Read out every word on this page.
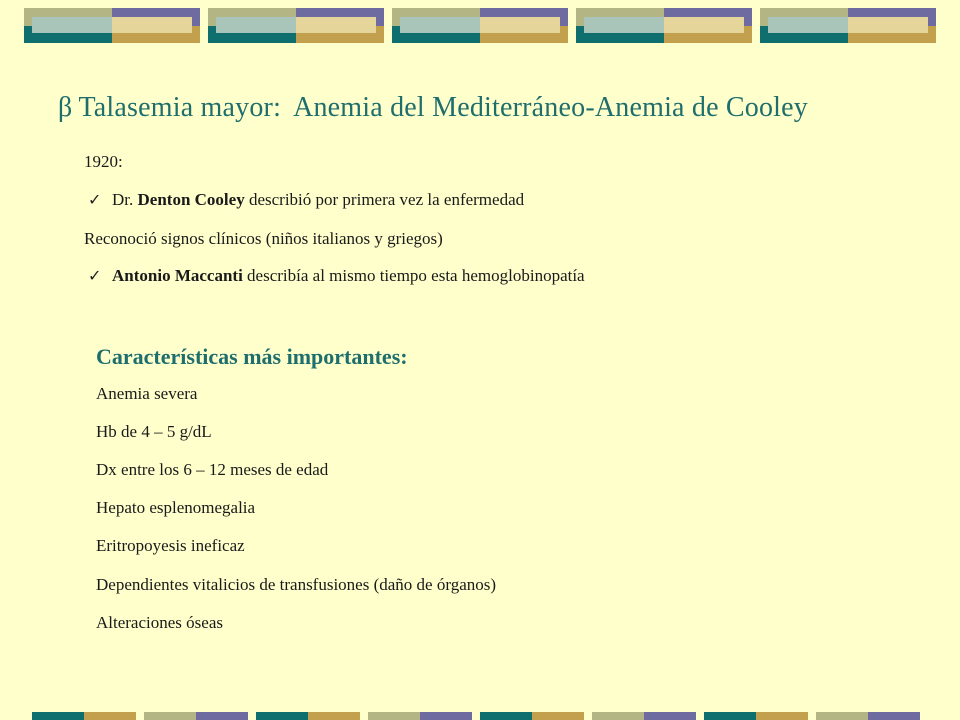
β Talasemia mayor: Anemia del Mediterráneo-Anemia de Cooley
1920:
✓ Dr. Denton Cooley describió por primera vez la enfermedad
Reconoció signos clínicos (niños italianos y griegos)
✓ Antonio Maccanti describía al mismo tiempo esta hemoglobinopatía
Características más importantes:
Anemia severa
Hb de 4 – 5 g/dL
Dx entre los 6 – 12 meses de edad
Hepato esplenomegalia
Eritropoyesis ineficaz
Dependientes vitalicios de transfusiones (daño de órganos)
Alteraciones óseas
